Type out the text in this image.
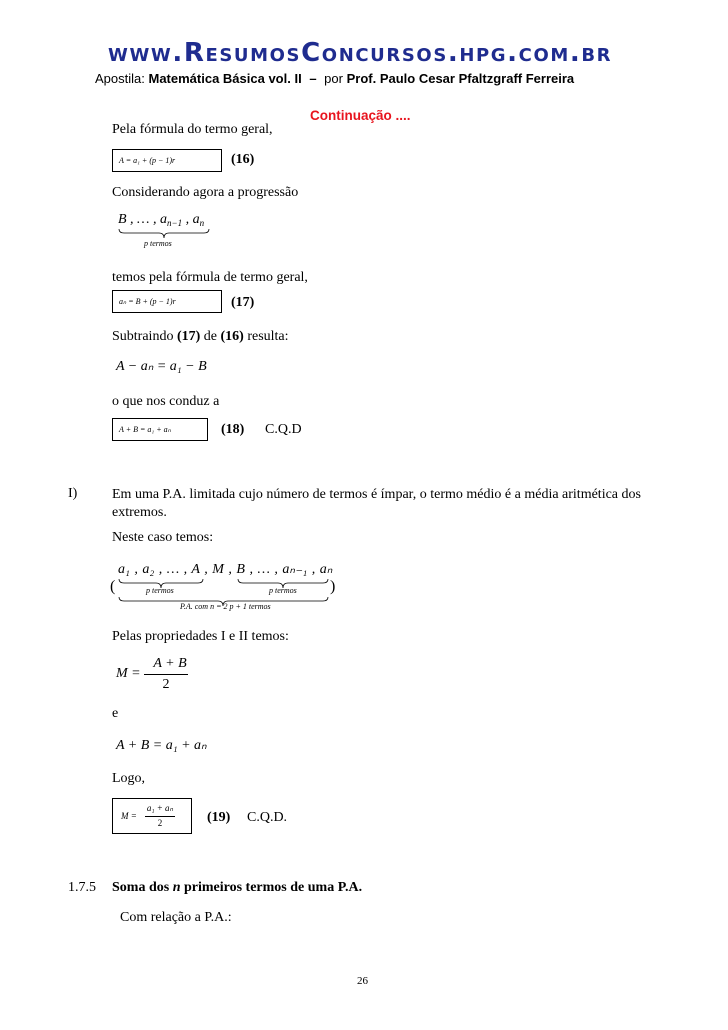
www.ResumosConcursos.hpg.com.br
Apostila: Matemática Básica vol. II – por Prof. Paulo Cesar Pfaltzgraff Ferreira
Continuação ....
Pela fórmula do termo geral,
A = a₁ + (p − 1)r	(16)
Considerando agora a progressão
B , … , $a_{n-1}$ , $a_n$
p termos
temos pela fórmula de termo geral,
aₙ = B + (p − 1)r	(17)
Subtraindo (17) de (16) resulta:
A − aₙ = a₁ − B
o que nos conduz a
A + B = a₁ + aₙ	(18) C.Q.D
I) Em uma P.A. limitada cujo número de termos é ímpar, o termo médio é a média aritmética dos extremos.
Neste caso temos:
(
a₁ , a₂ , … , A , M , B , … , aₙ₋₁ , aₙ
)
p termos	p termos
P.A. com n = 2 p + 1 termos
Pelas propriedades I e II temos:
M =
A + B
2
e
A + B = a₁ + aₙ
Logo,
M =
a₁ + aₙ
2	(19) C.Q.D.
1.7.5 Soma dos n primeiros termos de uma P.A.
Com relação a P.A.:
26
